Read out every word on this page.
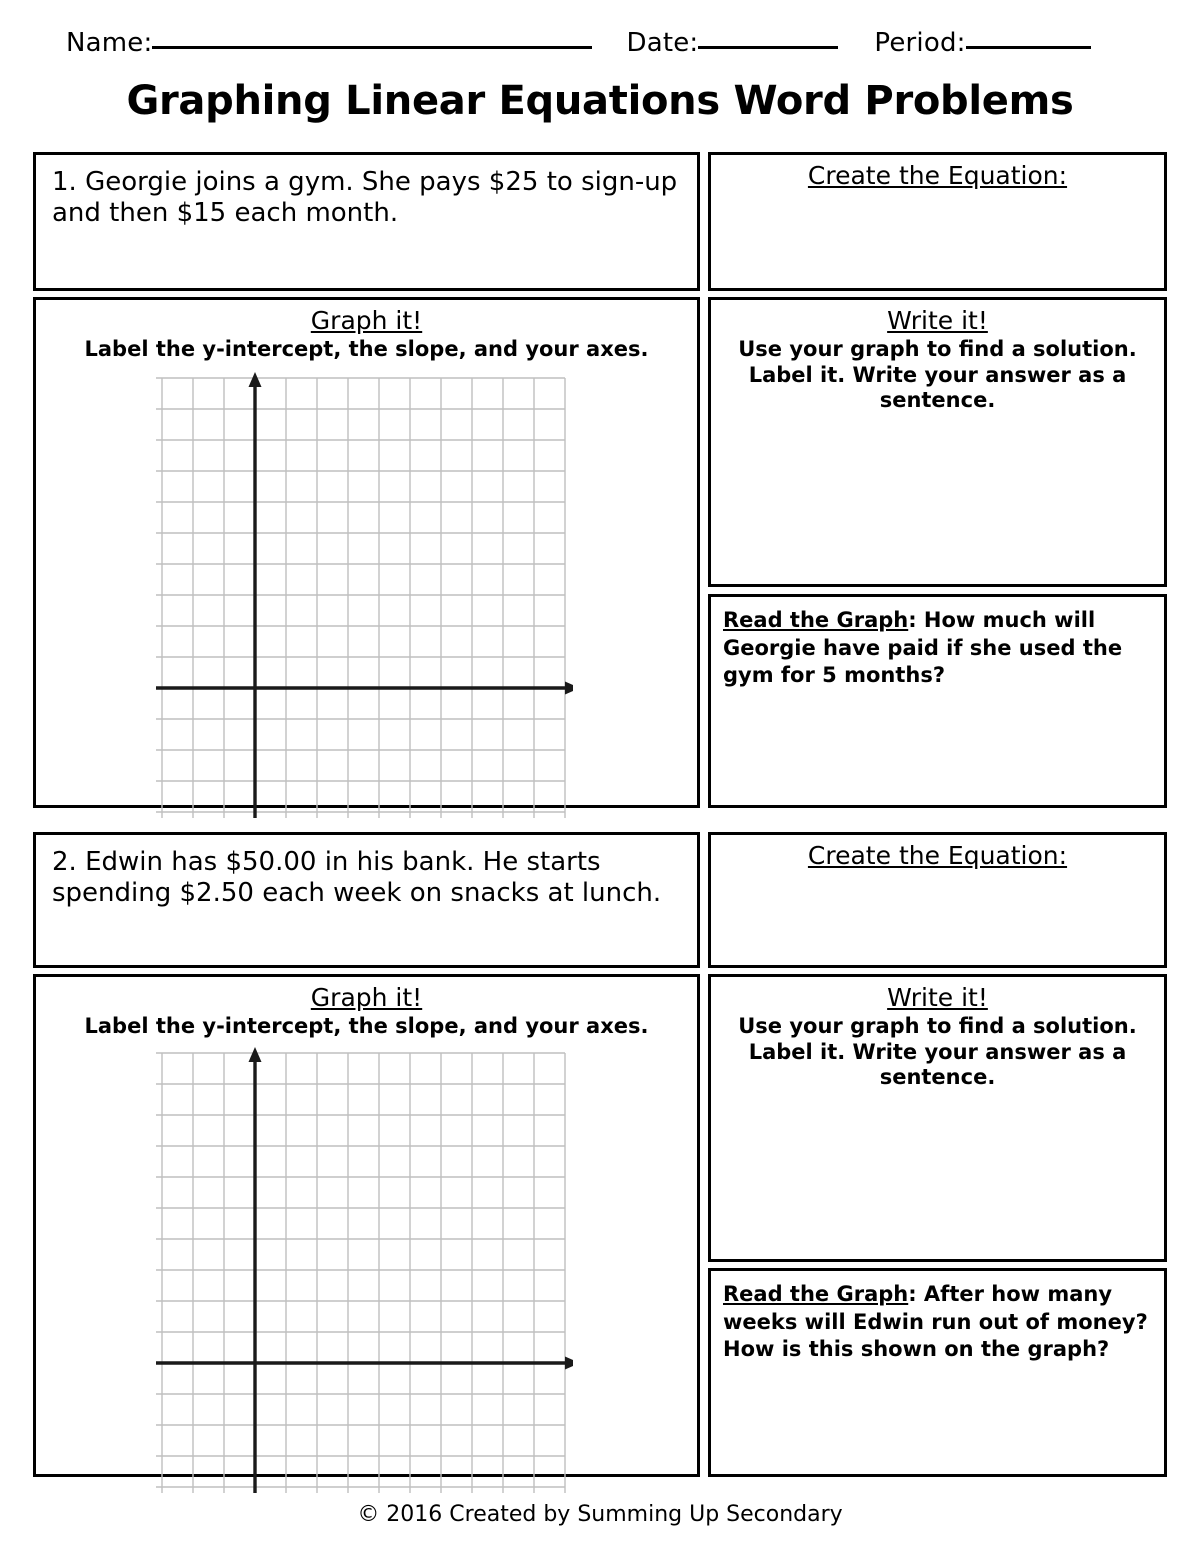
Name:	Date:	Period:
Graphing Linear Equations Word Problems
1. Georgie joins a gym. She pays $25 to sign-up and then $15 each month.
Create the Equation:
Graph it!
Label the y-intercept, the slope, and your axes.
Write it!
Use your graph to find a solution. Label it. Write your answer as a sentence.
Read the Graph: How much will Georgie have paid if she used the gym for 5 months?
2. Edwin has $50.00 in his bank. He starts spending $2.50 each week on snacks at lunch.
Create the Equation:
Graph it!
Label the y-intercept, the slope, and your axes.
Write it!
Use your graph to find a solution. Label it. Write your answer as a sentence.
Read the Graph: After how many weeks will Edwin run out of money? How is this shown on the graph?
© 2016 Created by Summing Up Secondary
